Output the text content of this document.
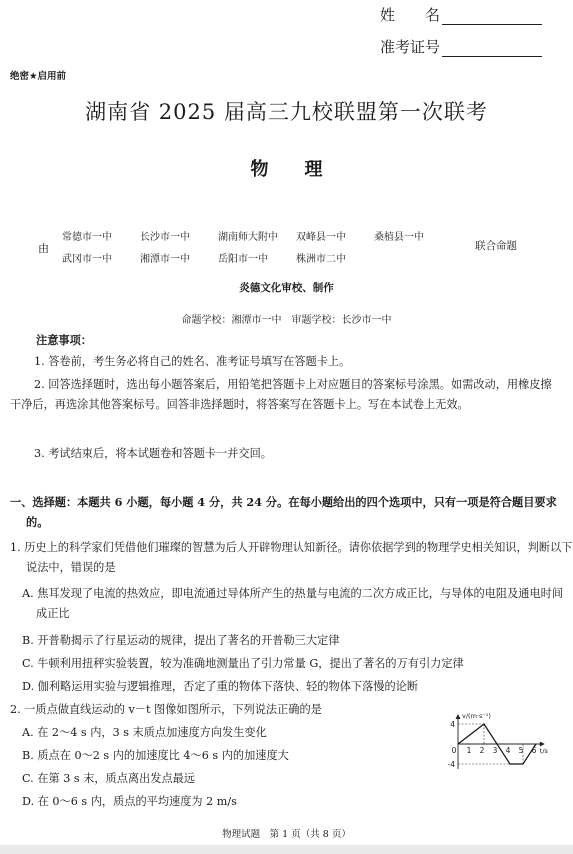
姓　　名
准考证号
绝密★启用前
湖南省 2025 届高三九校联盟第一次联考
物　　理
由
常德市一中	长沙市一中	湖南师大附中 双峰县一中	桑植县一中
武冈市一中	湘潭市一中	岳阳市一中	株洲市二中
联合命题
炎德文化审校、制作
命题学校：湘潭市一中　审题学校：长沙市一中
注意事项：
1. 答卷前，考生务必将自己的姓名、准考证号填写在答题卡上。
2. 回答选择题时，选出每小题答案后，用铅笔把答题卡上对应题目的答案标号涂黑。如需改动，用橡皮擦干净后，再选涂其他答案标号。回答非选择题时，将答案写在答题卡上。写在本试卷上无效。
3. 考试结束后，将本试题卷和答题卡一并交回。
一、选择题：本题共 6 小题，每小题 4 分，共 24 分。在每小题给出的四个选项中，只有一项是符合题目要求的。
1. 历史上的科学家们凭借他们璀璨的智慧为后人开辟物理认知新径。请你依据学到的物理学史相关知识，判断以下说法中，错误的是
A. 焦耳发现了电流的热效应，即电流通过导体所产生的热量与电流的二次方成正比，与导体的电阻及通电时间成正比
B. 开普勒揭示了行星运动的规律，提出了著名的开普勒三大定律
C. 牛顿利用扭秤实验装置，较为准确地测量出了引力常量 G，提出了著名的万有引力定律
D. 伽利略运用实验与逻辑推理，否定了重的物体下落快、轻的物体下落慢的论断
2. 一质点做直线运动的 v－t 图像如图所示，下列说法正确的是
A. 在 2～4 s 内，3 s 末质点加速度方向发生变化
B. 质点在 0～2 s 内的加速度比 4～6 s 内的加速度大
C. 在第 3 s 末，质点离出发点最远
D. 在 0～6 s 内，质点的平均速度为 2 m/s
4
-4
0 1 2 3 4 5 6
v/(m·s⁻¹)
t/s
物理试题　第 1 页（共 8 页）
